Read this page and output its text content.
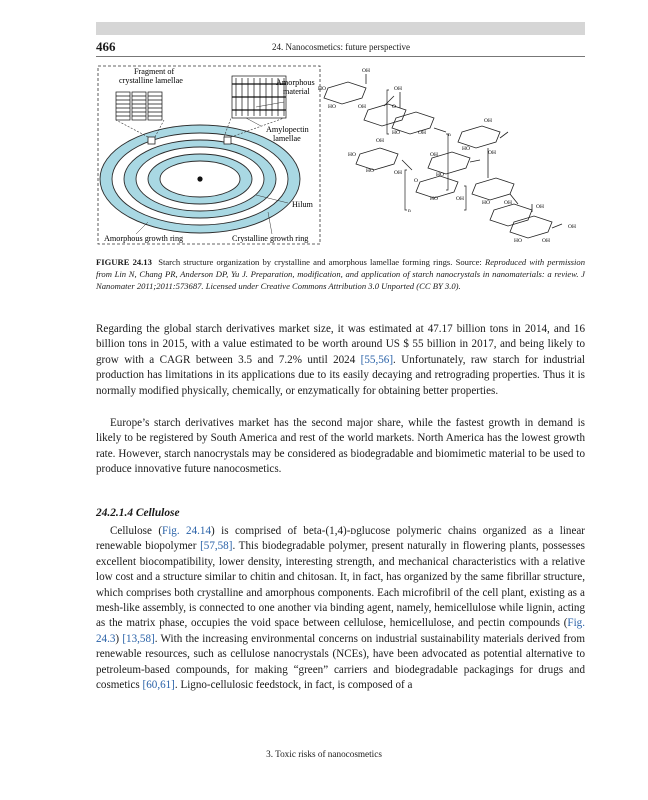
466	24. Nanocosmetics: future perspective
Fragment of
crystalline lamellae	Amorphous
material
Amylopectin
lamellae
Hilum
Amorphous growth ring	Crystalline growth ring
OH
HO
HO	OH
OH
O
HO	OH	n
OH
HO
OH
HO
OH
HO	OH
OH
HO
O
n
HO	OH
HO	OH
OH
OH
HO	OH
FIGURE 24.13 Starch structure organization by crystalline and amorphous lamellae forming rings. Source: Reproduced with permission from Lin N, Chang PR, Anderson DP, Yu J. Preparation, modification, and application of starch nanocrystals in nanomaterials: a review. J Nanomater 2011;2011:573687. Licensed under Creative Commons Attribution 3.0 Unported (CC BY 3.0).

Regarding the global starch derivatives market size, it was estimated at 47.17 billion tons in 2014, and 16 billion tons in 2015, with a value estimated to be worth around US $ 55 billion in 2017, and being likely to grow with a CAGR between 3.5 and 7.2% until 2024 [55,56]. Unfortunately, raw starch for industrial production has limitations in its applications due to its easily decaying and retrograding properties. Thus it is normally modified physically, chemically, or enzymatically for obtaining better properties.

Europe’s starch derivatives market has the second major share, while the fastest growth in demand is likely to be registered by South America and rest of the world markets. North America has the lowest growth rate. However, starch nanocrystals may be considered as biodegradable and biomimetic material to be used to produce innovative future nanocosmetics.

24.2.1.4 Cellulose

Cellulose (Fig. 24.14) is comprised of beta-(1,4)-ᴅglucose polymeric chains organized as a linear renewable biopolymer [57,58]. This biodegradable polymer, present naturally in flowering plants, possesses excellent biocompatibility, lower density, interesting strength, and mechanical characteristics with a relative low cost and a structure similar to chitin and chitosan. It, in fact, has organized by the same fibrillar structure, which comprises both crystalline and amorphous components. Each microfibril of the cell plant, existing as a mesh-like assembly, is connected to one another via binding agent, namely, hemicellulose while lignin, acting as the matrix phase, occupies the void space between cellulose, hemicellulose, and pectin compounds (Fig. 24.3) [13,58]. With the increasing environmental concerns on industrial sustainability materials derived from renewable resources, such as cellulose nanocrystals (NCEs), have been advocated as potential alternative to petroleum-based compounds, for making “green” carriers and biodegradable packagings for drugs and cosmetics [60,61]. Ligno-cellulosic feedstock, in fact, is composed of a

3. Toxic risks of nanocosmetics
